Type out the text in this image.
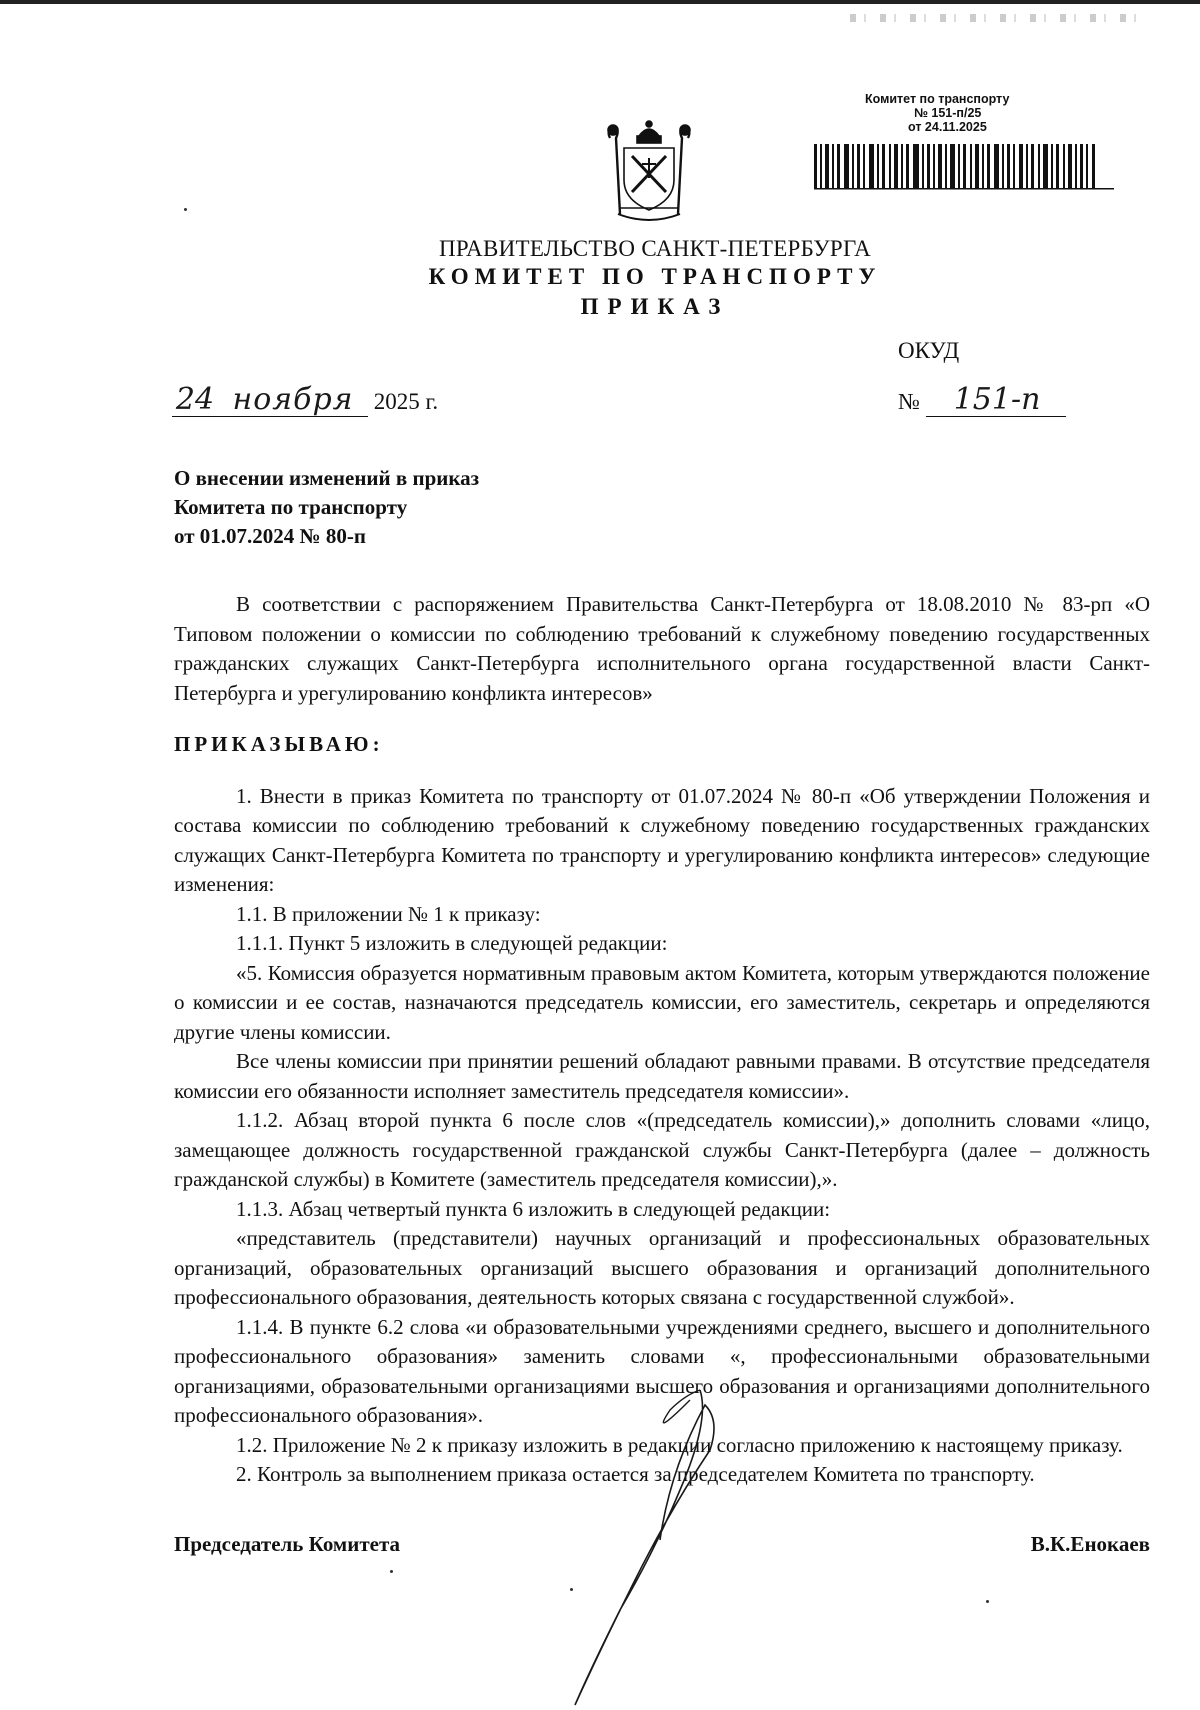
Комитет по транспорту
№ 151-п/25
от 24.11.2025
ПРАВИТЕЛЬСТВО САНКТ-ПЕТЕРБУРГА
КОМИТЕТ ПО ТРАНСПОРТУ
ПРИКАЗ
ОКУД
24 ноября 2025 г.	№ 151-п
О внесении изменений в приказ
Комитета по транспорту
от 01.07.2024 № 80-п

В соответствии с распоряжением Правительства Санкт-Петербурга от 18.08.2010 № 83-рп «О Типовом положении о комиссии по соблюдению требований к служебному поведению государственных гражданских служащих Санкт-Петербурга исполнительного органа государственной власти Санкт-Петербурга и урегулированию конфликта интересов»

ПРИКАЗЫВАЮ:

1. Внести в приказ Комитета по транспорту от 01.07.2024 № 80-п «Об утверждении Положения и состава комиссии по соблюдению требований к служебному поведению государственных гражданских служащих Санкт-Петербурга Комитета по транспорту и урегулированию конфликта интересов» следующие изменения:

1.1. В приложении № 1 к приказу:

1.1.1. Пункт 5 изложить в следующей редакции:

«5. Комиссия образуется нормативным правовым актом Комитета, которым утверждаются положение о комиссии и ее состав, назначаются председатель комиссии, его заместитель, секретарь и определяются другие члены комиссии.

Все члены комиссии при принятии решений обладают равными правами. В отсутствие председателя комиссии его обязанности исполняет заместитель председателя комиссии».

1.1.2. Абзац второй пункта 6 после слов «(председатель комиссии),» дополнить словами «лицо, замещающее должность государственной гражданской службы Санкт-Петербурга (далее – должность гражданской службы) в Комитете (заместитель председателя комиссии),».

1.1.3. Абзац четвертый пункта 6 изложить в следующей редакции:

«представитель (представители) научных организаций и профессиональных образовательных организаций, образовательных организаций высшего образования и организаций дополнительного профессионального образования, деятельность которых связана с государственной службой».

1.1.4. В пункте 6.2 слова «и образовательными учреждениями среднего, высшего и дополнительного профессионального образования» заменить словами «, профессиональными образовательными организациями, образовательными организациями высшего образования и организациями дополнительного профессионального образования».

1.2. Приложение № 2 к приказу изложить в редакции согласно приложению к настоящему приказу.

2. Контроль за выполнением приказа остается за председателем Комитета по транспорту.

Председатель Комитета	В.К.Енокаев
